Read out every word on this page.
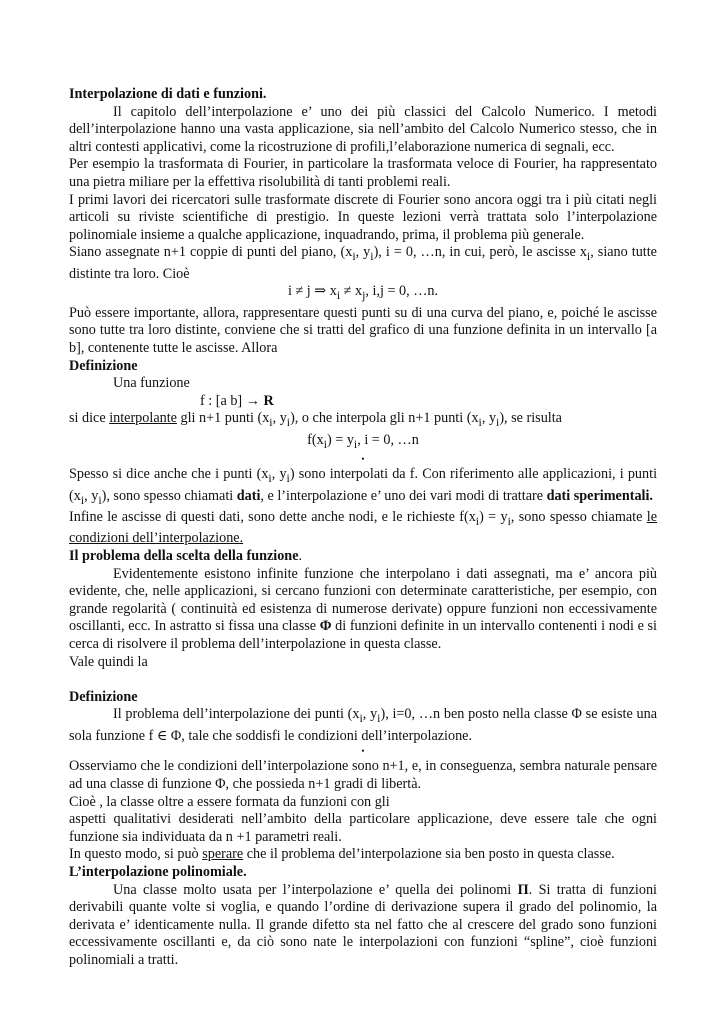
Interpolazione di dati e funzioni.

Il capitolo dell’interpolazione e’ uno dei più classici del Calcolo Numerico. I metodi dell’interpolazione hanno una vasta applicazione, sia nell’ambito del Calcolo Numerico stesso, che in altri contesti applicativi, come la ricostruzione di profili,l’elaborazione numerica di segnali, ecc.

Per esempio la trasformata di Fourier, in particolare la trasformata veloce di Fourier, ha rappresentato una pietra miliare per la effettiva risolubilità di tanti problemi reali.

I primi lavori dei ricercatori sulle trasformate discrete di Fourier sono ancora oggi tra i più citati negli articoli su riviste scientifiche di prestigio. In queste lezioni verrà trattata solo l’interpolazione polinomiale insieme a qualche applicazione, inquadrando, prima, il problema più generale.

Siano assegnate n+1 coppie di punti del piano, ($x_i$, $y_i$), i = 0, …n, in cui, però, le ascisse $x_i$, siano tutte distinte tra loro. Cioè

i ≠ j ⇒ $x_i \ne x_j$, i,j = 0, …n.

Può essere importante, allora, rappresentare questi punti su di una curva del piano, e, poiché le ascisse sono tutte tra loro distinte, conviene che si tratti del grafico di una funzione definita in un intervallo [a b], contenente tutte le ascisse. Allora

Definizione

Una funzione

f : [a b] → R

si dice interpolante gli n+1 punti ($x_i$, $y_i$), o che interpola gli n+1 punti ($x_i$, $y_i$), se risulta

$f(x_i) = y_i$, i = 0, …n

•

Spesso si dice anche che i punti ($x_i$, $y_i$) sono interpolati da f. Con riferimento alle applicazioni, i punti ($x_i$, $y_i$), sono spesso chiamati dati, e l’interpolazione e’ uno dei vari modi di trattare dati sperimentali.

Infine le ascisse di questi dati, sono dette anche nodi, e le richieste $f(x_i) = y_i$, sono spesso chiamate le condizioni dell’interpolazione.

Il problema della scelta della funzione.

Evidentemente esistono infinite funzione che interpolano i dati assegnati, ma e’ ancora più evidente, che, nelle applicazioni, si cercano funzioni con determinate caratteristiche, per esempio, con grande regolarità ( continuità ed esistenza di numerose derivate) oppure funzioni non eccessivamente oscillanti, ecc. In astratto si fissa una classe Φ di funzioni definite in un intervallo contenenti i nodi e si cerca di risolvere il problema dell’interpolazione in questa classe.

Vale quindi la

Definizione

Il problema dell’interpolazione dei punti ($x_i$, $y_i$), i=0, …n ben posto nella classe Φ se esiste una sola funzione f ∈ Φ, tale che soddisfi le condizioni dell’interpolazione.

•

Osserviamo che le condizioni dell’interpolazione sono n+1, e, in conseguenza, sembra naturale pensare ad una classe di funzione Φ, che possieda n+1 gradi di libertà.

Cioè , la classe oltre a essere formata da funzioni con gli

aspetti qualitativi desiderati nell’ambito della particolare applicazione, deve essere tale che ogni funzione sia individuata da n +1 parametri reali.

In questo modo, si può sperare che il problema del’interpolazione sia ben posto in questa classe.

L’interpolazione polinomiale.

Una classe molto usata per l’interpolazione e’ quella dei polinomi Π. Si tratta di funzioni derivabili quante volte si voglia, e quando l’ordine di derivazione supera il grado del polinomio, la derivata e’ identicamente nulla. Il grande difetto sta nel fatto che al crescere del grado sono funzioni eccessivamente oscillanti e, da ciò sono nate le interpolazioni con funzioni “spline”, cioè funzioni polinomiali a tratti.
